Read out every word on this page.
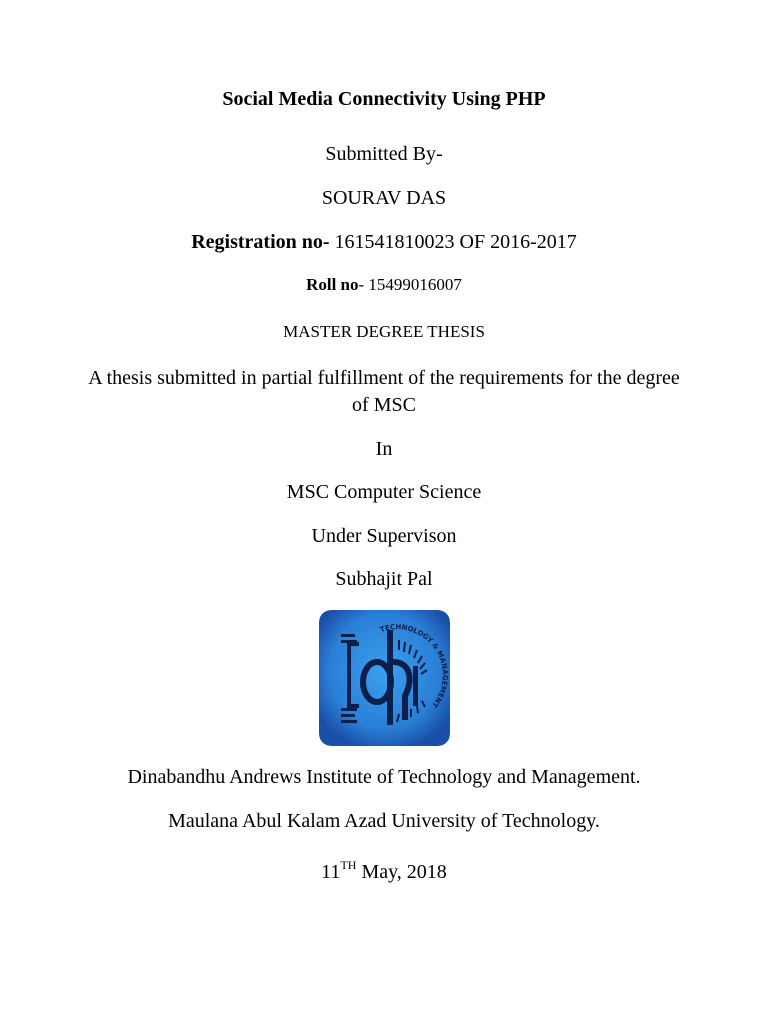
Social Media Connectivity Using PHP
Submitted By-
SOURAV DAS
Registration no- 161541810023 OF 2016-2017
Roll no- 15499016007
MASTER DEGREE THESIS
A thesis submitted in partial fulfillment of the requirements for the degree of MSC
In
MSC Computer Science
Under Supervison
Subhajit Pal
TECHNOLOGY & MANAGEMENT
Dinabandhu Andrews Institute of Technology and Management.
Maulana Abul Kalam Azad University of Technology.
11TH May, 2018
